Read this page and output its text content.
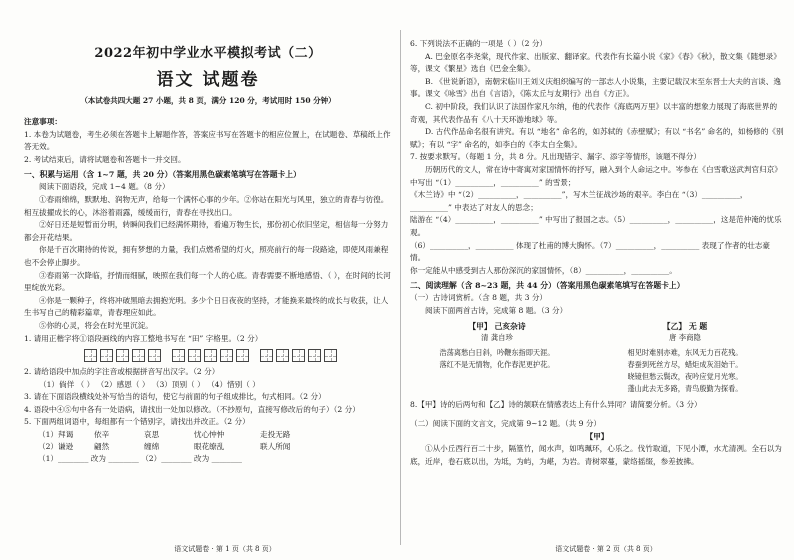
2022年初中学业水平模拟考试（二）
语文 试题卷
（本试卷共四大题 27 小题，共 8 页，满分 120 分，考试用时 150 分钟）

注意事项：

1. 本卷为试题卷，考生必须在答题卡上解题作答，答案应书写在答题卡的相应位置上，在试题卷、草稿纸上作答无效。

2. 考试结束后，请将试题卷和答题卡一并交回。

一、积累与运用（含 1~7 题，共 20 分）（答案用黑色碳素笔填写在答题卡上）

阅读下面语段，完成 1~4 题。（8 分）

①春雨绵绵，默默地、润物无声，给每一个满怀心事的少年。②你站在阳光与风里，独立的青春与彷徨。相互拔擢成长的心，沐浴着雨露，缓缓而行，青春在寻找出口。

②好日还是短暂而分明，转瞬间我们已经满怀期待，看遍万物生长，那份初心依旧坚定，相信每一分努力都会开花结果。

你是千百次期待的传说，拥有梦想的力量，我们点燃希望的灯火，照亮前行的每一段路途，即使风雨兼程也不会停止脚步。

③春雨第一次降临，抒情而细腻，映照在我们每一个人的心底。青春需要不断地感悟、（ ），在时间的长河里绽放光彩。

④你是一颗种子，终将冲破黑暗去拥抱光明。多少个日日夜夜的坚持，才能换来最终的成长与收获，让人生书写自己的精彩篇章，青春理应如此。

⑤你的心灵，将会在时光里沉淀。

1. 请用正楷字将①语段画线的内容工整地书写在 “田” 字格里。（2 分）

2. 请给语段中加点的字注音或根据拼音写出汉字。（2 分）

（1）倘佯 （ ） （2）感恩（ ） （3）顶别（ ） （4）惜别（ ）

3. 请在下面语段横线处补写恰当的语句，使它与前面的句子组成排比，句式相同。（2 分）

4. 语段中④⑤句中各有一处语病，请找出一处加以修改。（不抄原句，直接写修改后的句子）（2 分）

5. 下面两组词语中，每组都有一个错别字，请找出并改正。（2 分）

（1）拜谒	依辛	哀思	忧心忡忡	走投无路
（2）谦逊	翩然	缠绵	眼花缭乱	联人所闻

（1）________ 改为 ________ （2）________ 改为 ________

语文试题卷 · 第 1 页（共 8 页）

6. 下列说法不正确的一项是（ ）（2 分）

A. 巴金原名李尧棠，现代作家、出版家、翻译家。代表作有长篇小说《家》《春》《秋》，散文集《随想录》等，课文《繁星》选自《巴金全集》。

B. 《世说新语》，南朝宋临川王刘义庆组织编写的一部志人小说集，主要记载汉末至东晋士大夫的言谈、逸事。课文《咏雪》出自《言语》，《陈太丘与友期行》出自《方正》。

C. 初中阶段，我们认识了法国作家凡尔纳，他的代表作《海底两万里》以丰富的想象力展现了海底世界的奇观，其代表作品有《八十天环游地球》等。

D. 古代作品命名很有讲究。有以 “地名” 命名的，如苏轼的《赤壁赋》；有以 “书名” 命名的，如杨修的《别赋》；有以 “字” 命名的，如李白的《李太白全集》。

7. 按要求默写。（每题 1 分，共 8 分。凡出现错字、漏字、添字等情形，该题不得分）

历朝历代的文人，常在诗中寄寓对家国情怀的抒写，融入到个人命运之中。岑参在《白雪歌送武判官归京》中写出 “（1）__________，__________” 的雪景；

《木兰诗》中 “（2）__________，__________”，写木兰征战沙场的艰辛。李白在 “（3）__________，__________” 中表达了对友人的思念；

陆游在 “（4）__________，__________” 中写出了报国之志。（5）__________，__________，这是范仲淹的忧乐观。

（6）__________，__________ 体现了杜甫的博大胸怀。（7）__________，__________ 表现了作者的壮志豪情。

你一定能从中感受到古人那份深沉的家国情怀，（8）__________，__________。

二、阅读理解（含 8~23 题，共 44 分）（答案用黑色碳素笔填写在答题卡上）

（一）古诗词赏析。（含 8 题，共 3 分）

阅读下面两首古诗，完成第 8 题。（3 分）

【甲】 己亥杂诗
清 龚自珍
浩荡离愁白日斜，吟鞭东指即天涯。
落红不是无情物，化作春泥更护花。
【乙】 无 题
唐 李商隐
相见时难别亦难，东风无力百花残。
春蚕到死丝方尽，蜡炬成灰泪始干。
晓镜但愁云鬓改，夜吟应觉月光寒。
蓬山此去无多路，青鸟殷勤为探看。

8.【甲】诗的后两句和【乙】诗的颔联在情感表达上有什么异同？请简要分析。（3 分）

（二）阅读下面的文言文，完成第 9~12 题。（共 9 分）

【甲】

①从小丘西行百二十步，隔篁竹，闻水声，如鸣珮环，心乐之。伐竹取道，下见小潭，水尤清冽。全石以为底，近岸，卷石底以出，为坻，为屿，为嵁，为岩。青树翠蔓，蒙络摇缀，参差披拂。

语文试题卷 · 第 2 页（共 8 页）
